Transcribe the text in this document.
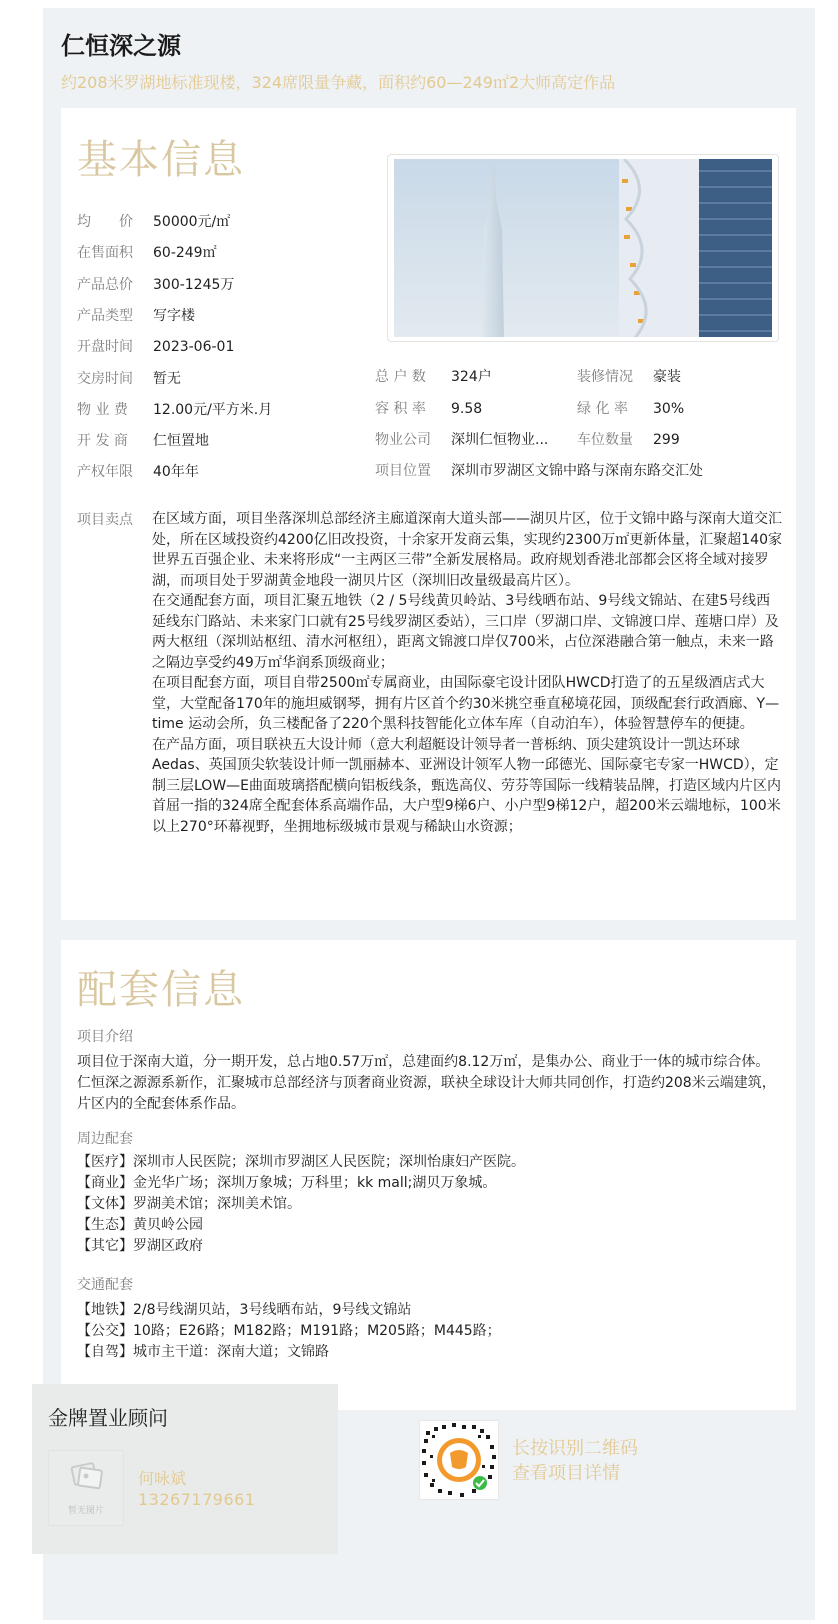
仁恒深之源
约208米罗湖地标准现楼，324席限量争藏，面积约60—249㎡2大师高定作品
基本信息
均　　价 50000元/㎡
在售面积 60-249㎡
产品总价 300-1245万
产品类型 写字楼
开盘时间 2023-06-01
交房时间 暂无
物 业 费 12.00元/平方米.月
开 发 商 仁恒置地
产权年限 40年年
总 户 数 324户	装修情况 豪装
容 积 率 9.58	绿 化 率 30%
物业公司 深圳仁恒物业... 车位数量 299
项目位置 深圳市罗湖区文锦中路与深南东路交汇处
项目卖点 在区域方面，项目坐落深圳总部经济主廊道深南大道头部——湖贝片区，位于文锦中路与深南大道交汇处，所在区域投资约4200亿旧改投资，十余家开发商云集，实现约2300万㎡更新体量，汇聚超140家世界五百强企业、未来将形成“一主两区三带”全新发展格局。政府规划香港北部都会区将全域对接罗湖，而项目处于罗湖黄金地段一湖贝片区（深圳旧改量级最高片区）。

在交通配套方面，项目汇聚五地铁（2 / 5号线黄贝岭站、3号线晒布站、9号线文锦站、在建5号线西延线东门路站、未来家门口就有25号线罗湖区委站），三口岸（罗湖口岸、文锦渡口岸、莲塘口岸）及两大枢纽（深圳站枢纽、清水河枢纽），距离文锦渡口岸仅700米，占位深港融合第一触点，未来一路之隔边享受约49万㎡华润系顶级商业；

在项目配套方面，项目自带2500㎡专属商业，由国际豪宅设计团队HWCD打造了的五星级酒店式大堂，大堂配备170年的施坦威钢琴，拥有片区首个约30米挑空垂直秘境花园，顶级配套行政酒廊、Y—time 运动会所，负三楼配备了220个黑科技智能化立体车库（自动泊车），体验智慧停车的便捷。

在产品方面，项目联袂五大设计师（意大利超艇设计领导者一普栎纳、顶尖建筑设计一凯达环球Aedas、英国顶尖软装设计师一凯丽赫本、亚洲设计领军人物一邱德光、国际豪宅专家一HWCD），定制三层LOW—E曲面玻璃搭配横向铝板线条，甄选高仪、劳芬等国际一线精装品牌，打造区域内片区内首屈一指的324席全配套体系高端作品，大户型9梯6户、小户型9梯12户，超200米云端地标，100米以上270°环幕视野，坐拥地标级城市景观与稀缺山水资源；

配套信息
项目介绍
项目位于深南大道，分一期开发，总占地0.57万㎡，总建面约8.12万㎡，是集办公、商业于一体的城市综合体。仁恒深之源源系新作，汇聚城市总部经济与顶奢商业资源，联袂全球设计大师共同创作，打造约208米云端建筑，片区内的全配套体系作品。
周边配套
【医疗】深圳市人民医院；深圳市罗湖区人民医院；深圳怡康妇产医院。
【商业】金光华广场；深圳万象城；万科里；kk mall;湖贝万象城。
【文体】罗湖美术馆；深圳美术馆。
【生态】黄贝岭公园
【其它】罗湖区政府
交通配套
【地铁】2/8号线湖贝站，3号线晒布站，9号线文锦站
【公交】10路；E26路；M182路；M191路；M205路；M445路；
【自驾】城市主干道：深南大道；文锦路
金牌置业顾问
暂无图片
何咏斌
13267179661
长按识别二维码
查看项目详情
